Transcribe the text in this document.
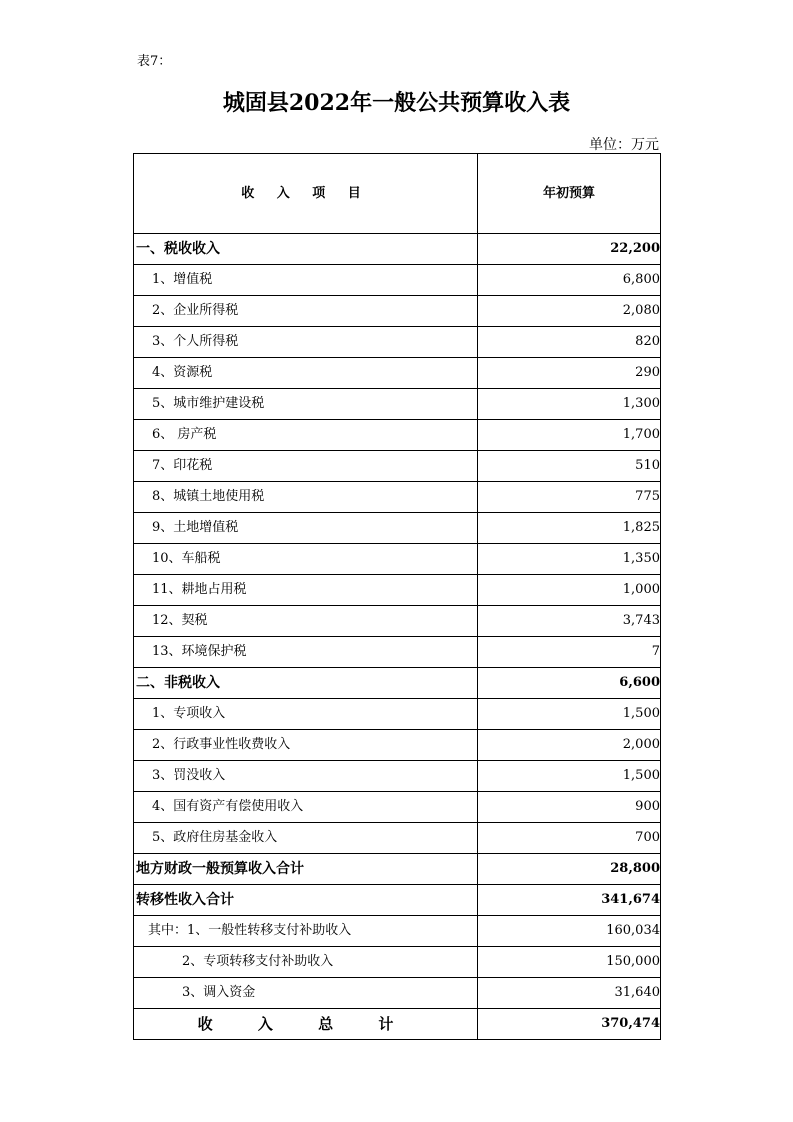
表7：
城固县2022年一般公共预算收入表
单位：万元
收 入 项 目	年初预算
一、税收收入	22,200
1、增值税	6,800
2、企业所得税	2,080
3、个人所得税	820
4、资源税	290
5、城市维护建设税	1,300
6、 房产税	1,700
7、印花税	510
8、城镇土地使用税	775
9、土地增值税	1,825
10、车船税	1,350
11、耕地占用税	1,000
12、契税	3,743
13、环境保护税	7
二、非税收入	6,600
1、专项收入	1,500
2、行政事业性收费收入	2,000
3、罚没收入	1,500
4、国有资产有偿使用收入	900
5、政府住房基金收入	700
地方财政一般预算收入合计	28,800
转移性收入合计	341,674
其中：1、一般性转移支付补助收入	160,034
2、专项转移支付补助收入	150,000
3、调入资金	31,640
收 入 总 计	370,474
